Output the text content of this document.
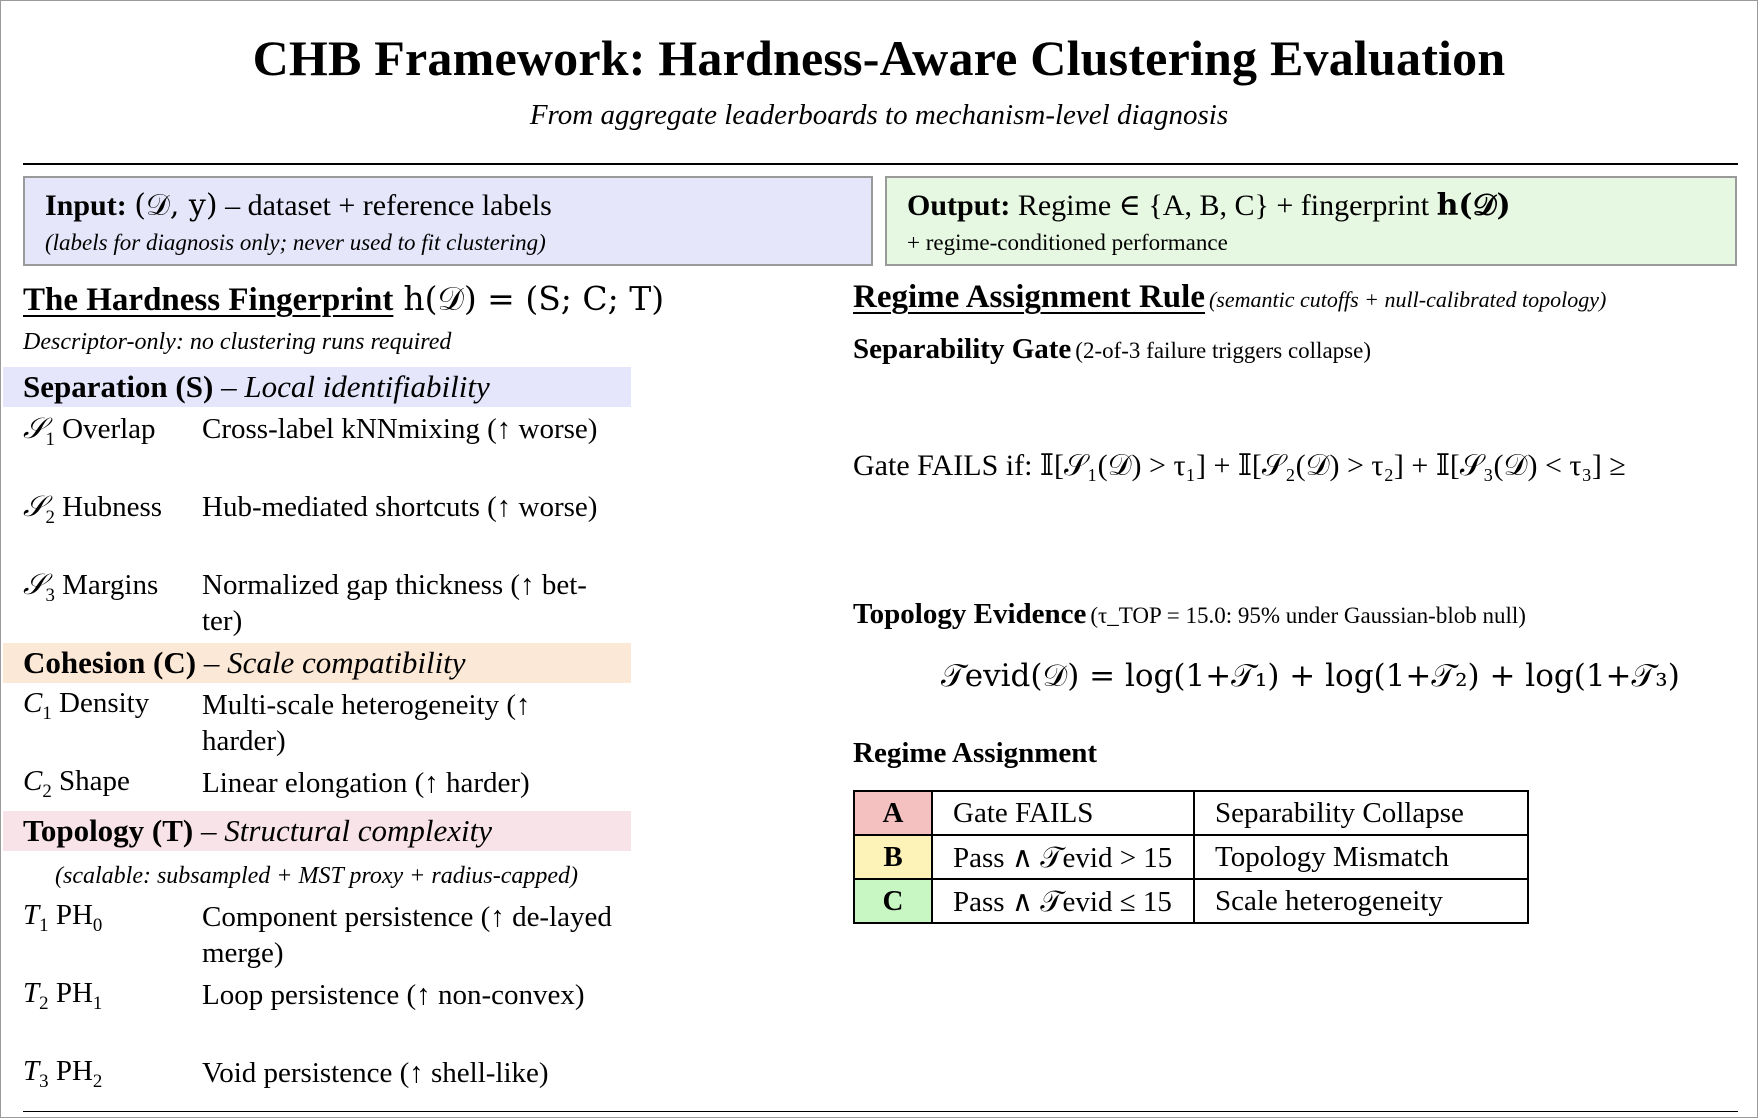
CHB Framework: Hardness-Aware Clustering Evaluation
From aggregate leaderboards to mechanism-level diagnosis
Input: (𝒟, y) – dataset + reference labels
(labels for diagnosis only; never used to fit clustering)
Output: Regime ∈ {A, B, C} + fingerprint h(𝒟)
+ regime-conditioned performance
The Hardness Fingerprint h(𝒟) = (S; C; T)
Descriptor-only: no clustering runs required
Separation (S) – Local identifiability
𝒮$_1$ Overlap Cross-label kNNmixing (↑ worse)
𝒮$_2$ Hubness Hub-mediated shortcuts (↑ worse)
𝒮$_3$ Margins Normalized gap thickness (↑ bet-ter)
Cohesion (C) – Scale compatibility
$C_1$ Density Multi-scale heterogeneity (↑ harder)
$C_2$ Shape Linear elongation (↑ harder)
Topology (T) – Structural complexity
(scalable: subsampled + MST proxy + radius-capped)
$T_1$ $PH_0$	Component persistence (↑ de-layed merge)
$T_2$ $PH_1$	Loop persistence (↑ non-convex)
$T_3$ $PH_2$	Void persistence (↑ shell-like)
Regime Assignment Rule (semantic cutoffs + null-calibrated topology)
Separability Gate (2-of-3 failure triggers collapse)
Gate FAILS if: 𝕀[𝒮₁(𝒟) > τ₁] + 𝕀[𝒮₂(𝒟) > τ₂] + 𝕀[𝒮₃(𝒟) < τ₃] ≥
Topology Evidence (τ_TOP = 15.0: 95% under Gaussian-blob null)
𝒯evid(𝒟) = log(1+𝒯₁) + log(1+𝒯₂) + log(1+𝒯₃)
Regime Assignment
A	Gate FAILS	Separability Collapse
B	Pass ∧ 𝒯evid > 15	Topology Mismatch
C	Pass ∧ 𝒯evid ≤ 15	Scale heterogeneity
